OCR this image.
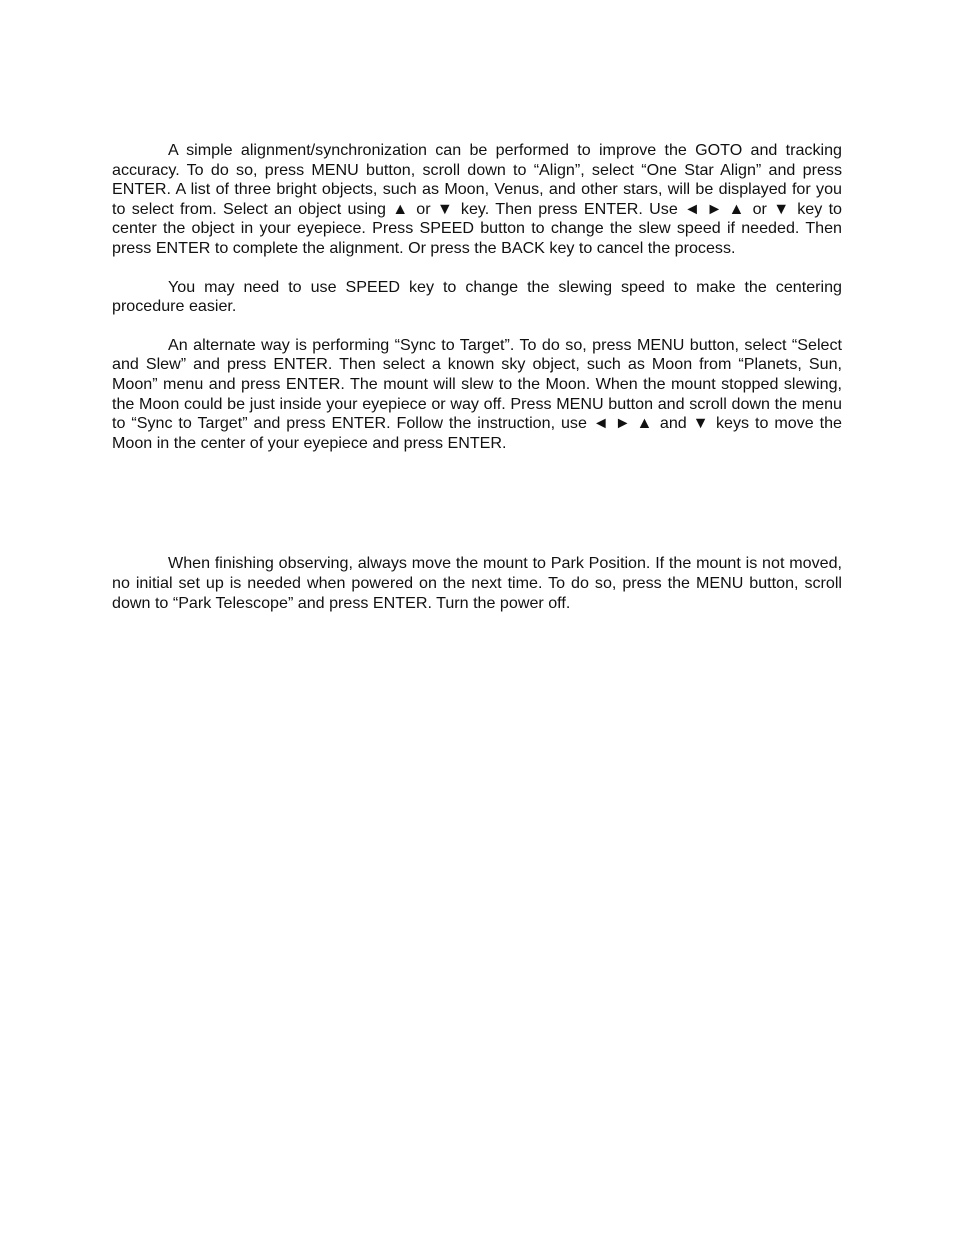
A simple alignment/synchronization can be performed to improve the GOTO and tracking accuracy. To do so, press MENU button, scroll down to “Align”, select “One Star Align” and press ENTER. A list of three bright objects, such as Moon, Venus, and other stars, will be displayed for you to select from. Select an object using ▲ or ▼ key. Then press ENTER. Use ◄ ► ▲ or ▼ key to center the object in your eyepiece. Press SPEED button to change the slew speed if needed. Then press ENTER to complete the alignment. Or press the BACK key to cancel the process.

You may need to use SPEED key to change the slewing speed to make the centering procedure easier.

An alternate way is performing “Sync to Target”. To do so, press MENU button, select “Select and Slew” and press ENTER. Then select a known sky object, such as Moon from “Planets, Sun, Moon” menu and press ENTER. The mount will slew to the Moon. When the mount stopped slewing, the Moon could be just inside your eyepiece or way off. Press MENU button and scroll down the menu to “Sync to Target” and press ENTER. Follow the instruction, use ◄ ► ▲ and ▼ keys to move the Moon in the center of your eyepiece and press ENTER.

When finishing observing, always move the mount to Park Position. If the mount is not moved, no initial set up is needed when powered on the next time. To do so, press the MENU button, scroll down to “Park Telescope” and press ENTER. Turn the power off.
